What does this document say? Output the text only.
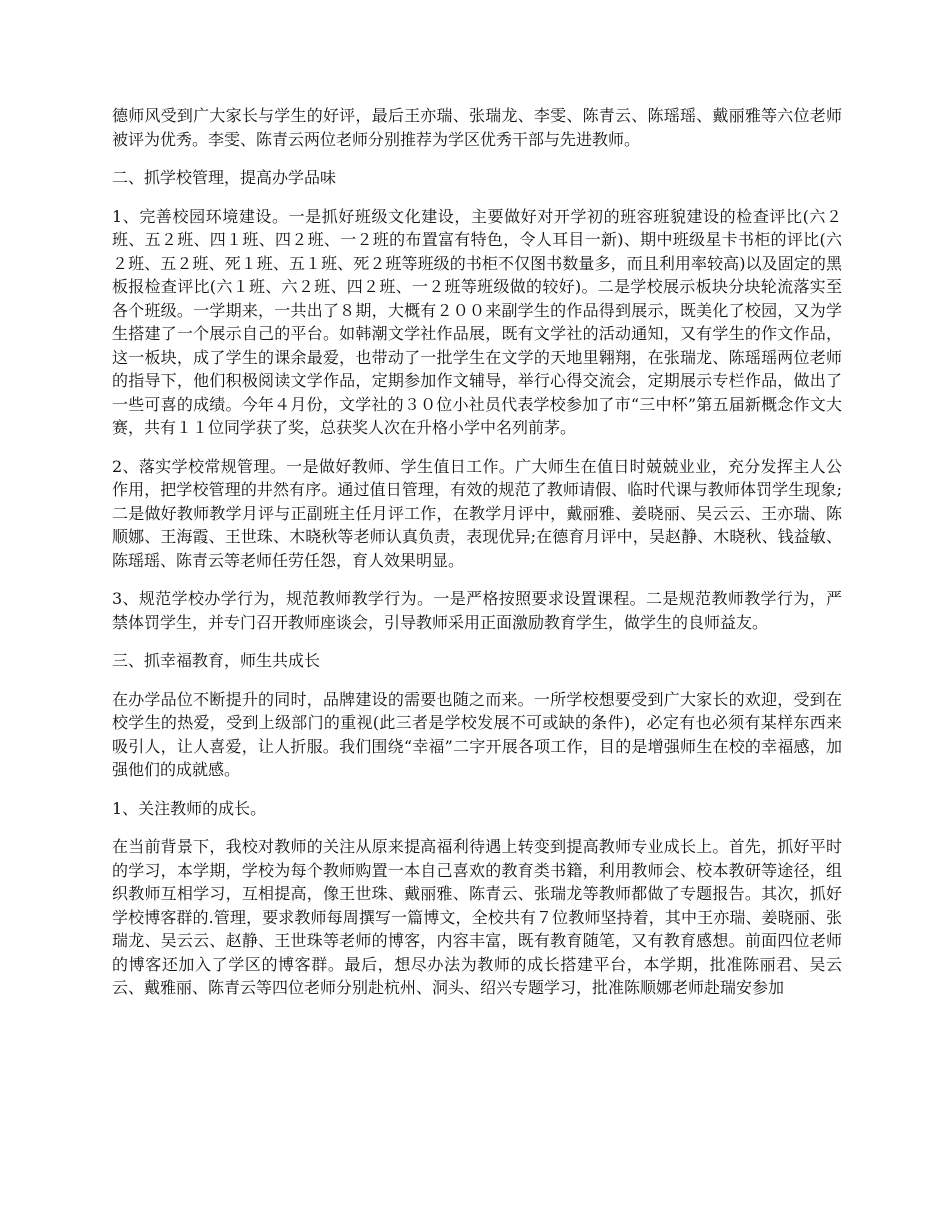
德师风受到广大家长与学生的好评，最后王亦瑞、张瑞龙、李雯、陈青云、陈瑶瑶、戴丽雅等六位老师被评为优秀。李雯、陈青云两位老师分别推荐为学区优秀干部与先进教师。

二、抓学校管理，提高办学品味

1、完善校园环境建设。一是抓好班级文化建设，主要做好对开学初的班容班貌建设的检查评比(六２班、五２班、四１班、四２班、一２班的布置富有特色，令人耳目一新)、期中班级星卡书柜的评比(六２班、五２班、死１班、五１班、死２班等班级的书柜不仅图书数量多，而且利用率较高)以及固定的黑板报检查评比(六１班、六２班、四２班、一２班等班级做的较好)。二是学校展示板块分块轮流落实至各个班级。一学期来，一共出了８期，大概有２００来副学生的作品得到展示，既美化了校园，又为学生搭建了一个展示自己的平台。如韩潮文学社作品展，既有文学社的活动通知，又有学生的作文作品，这一板块，成了学生的课余最爱，也带动了一批学生在文学的天地里翱翔，在张瑞龙、陈瑶瑶两位老师的指导下，他们积极阅读文学作品，定期参加作文辅导，举行心得交流会，定期展示专栏作品，做出了一些可喜的成绩。今年４月份，文学社的３０位小社员代表学校参加了市“三中杯”第五届新概念作文大赛，共有１１位同学获了奖，总获奖人次在升格小学中名列前茅。

2、落实学校常规管理。一是做好教师、学生值日工作。广大师生在值日时兢兢业业，充分发挥主人公作用，把学校管理的井然有序。通过值日管理，有效的规范了教师请假、临时代课与教师体罚学生现象;二是做好教师教学月评与正副班主任月评工作，在教学月评中，戴丽雅、姜晓丽、吴云云、王亦瑞、陈顺娜、王海霞、王世珠、木晓秋等老师认真负责，表现优异;在德育月评中，吴赵静、木晓秋、钱益敏、陈瑶瑶、陈青云等老师任劳任怨，育人效果明显。

3、规范学校办学行为，规范教师教学行为。一是严格按照要求设置课程。二是规范教师教学行为，严禁体罚学生，并专门召开教师座谈会，引导教师采用正面激励教育学生，做学生的良师益友。

三、抓幸福教育，师生共成长

在办学品位不断提升的同时，品牌建设的需要也随之而来。一所学校想要受到广大家长的欢迎，受到在校学生的热爱，受到上级部门的重视(此三者是学校发展不可或缺的条件)，必定有也必须有某样东西来吸引人，让人喜爱，让人折服。我们围绕“幸福”二字开展各项工作，目的是增强师生在校的幸福感，加强他们的成就感。

1、关注教师的成长。

在当前背景下，我校对教师的关注从原来提高福利待遇上转变到提高教师专业成长上。首先，抓好平时的学习，本学期，学校为每个教师购置一本自己喜欢的教育类书籍，利用教师会、校本教研等途径，组织教师互相学习，互相提高，像王世珠、戴丽雅、陈青云、张瑞龙等教师都做了专题报告。其次，抓好学校博客群的.管理，要求教师每周撰写一篇博文，全校共有７位教师坚持着，其中王亦瑞、姜晓丽、张瑞龙、吴云云、赵静、王世珠等老师的博客，内容丰富，既有教育随笔，又有教育感想。前面四位老师的博客还加入了学区的博客群。最后，想尽办法为教师的成长搭建平台，本学期，批准陈丽君、吴云云、戴雅丽、陈青云等四位老师分别赴杭州、洞头、绍兴专题学习，批准陈顺娜老师赴瑞安参加
